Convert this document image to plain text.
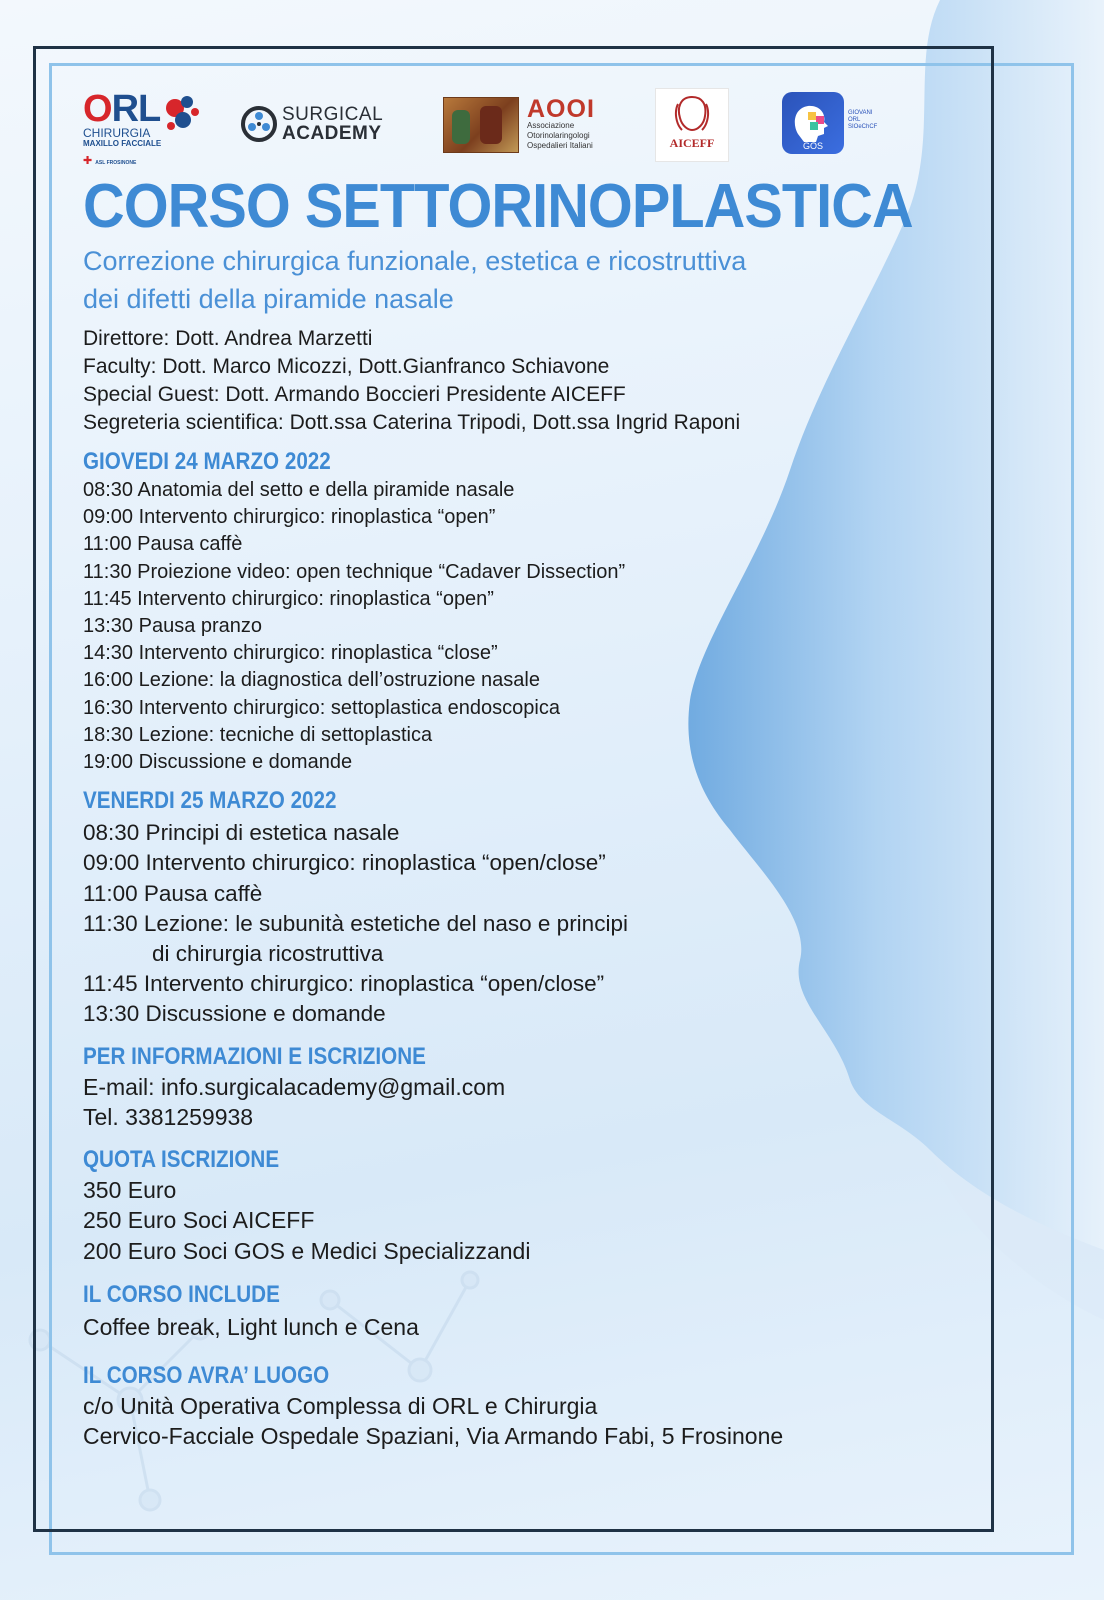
ORL
CHIRURGIA
MAXILLO FACCIALE
✚ ASL FROSINONE
SURGICAL
ACADEMY
AOOI
Associazione
Otorinolaringologi
Ospedalieri Italiani	AICEFF	GOS
GIOVANI
ORL
SIOeChCF
CORSO SETTORINOPLASTICA
Correzione chirurgica funzionale, estetica e ricostruttiva
dei difetti della piramide nasale
Direttore: Dott. Andrea Marzetti
Faculty: Dott. Marco Micozzi, Dott.Gianfranco Schiavone
Special Guest: Dott. Armando Boccieri Presidente AICEFF
Segreteria scientifica: Dott.ssa Caterina Tripodi, Dott.ssa Ingrid Raponi
GIOVEDI 24 MARZO 2022
08:30 Anatomia del setto e della piramide nasale
09:00 Intervento chirurgico: rinoplastica “open”
11:00 Pausa caffè
11:30 Proiezione video: open technique “Cadaver Dissection”
11:45 Intervento chirurgico: rinoplastica “open”
13:30 Pausa pranzo
14:30 Intervento chirurgico: rinoplastica “close”
16:00 Lezione: la diagnostica dell’ostruzione nasale
16:30 Intervento chirurgico: settoplastica endoscopica
18:30 Lezione: tecniche di settoplastica
19:00 Discussione e domande
VENERDI 25 MARZO 2022
08:30 Principi di estetica nasale
09:00 Intervento chirurgico: rinoplastica “open/close”
11:00 Pausa caffè
11:30 Lezione: le subunità estetiche del naso e principi
di chirurgia ricostruttiva
11:45 Intervento chirurgico: rinoplastica “open/close”
13:30 Discussione e domande
PER INFORMAZIONI E ISCRIZIONE
E-mail: info.surgicalacademy@gmail.com
Tel. 3381259938
QUOTA ISCRIZIONE
350 Euro
250 Euro Soci AICEFF
200 Euro Soci GOS e Medici Specializzandi
IL CORSO INCLUDE
Coffee break, Light lunch e Cena
IL CORSO AVRA’ LUOGO
c/o Unità Operativa Complessa di ORL e Chirurgia
Cervico-Facciale Ospedale Spaziani, Via Armando Fabi, 5 Frosinone
